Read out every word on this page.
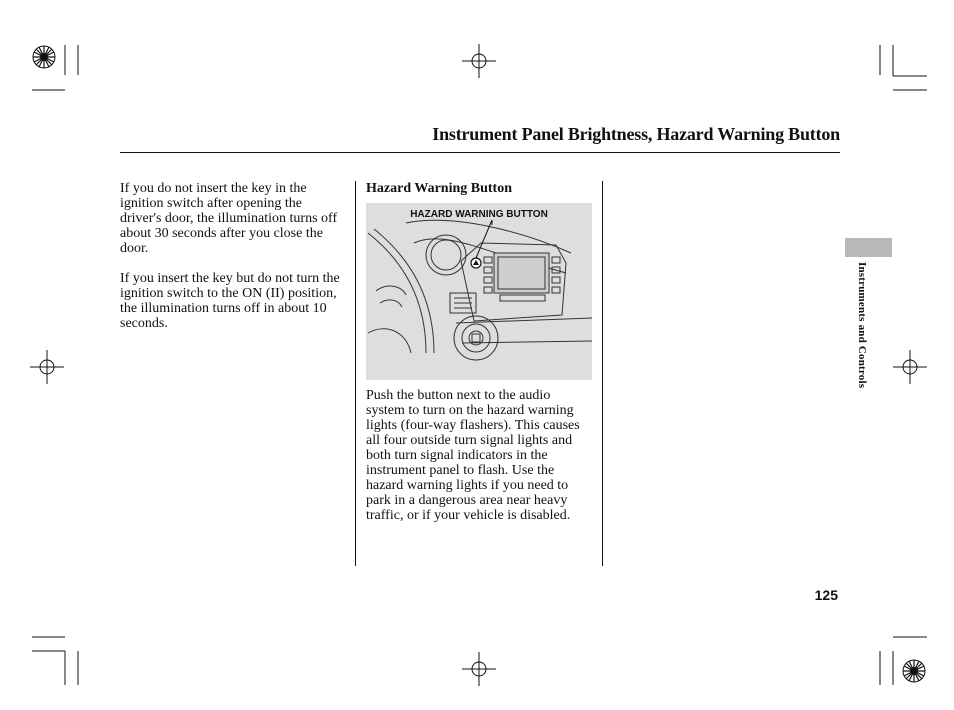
Instrument Panel Brightness, Hazard Warning Button

If you do not insert the key in the ignition switch after opening the driver's door, the illumination turns off about 30 seconds after you close the door.

If you insert the key but do not turn the ignition switch to the ON (II) position, the illumination turns off in about 10 seconds.

Hazard Warning Button
HAZARD WARNING BUTTON
Push the button next to the audio system to turn on the hazard warning lights (four-way flashers). This causes all four outside turn signal lights and both turn signal indicators in the instrument panel to flash. Use the hazard warning lights if you need to park in a dangerous area near heavy traffic, or if your vehicle is disabled.
Instruments and Controls
125
